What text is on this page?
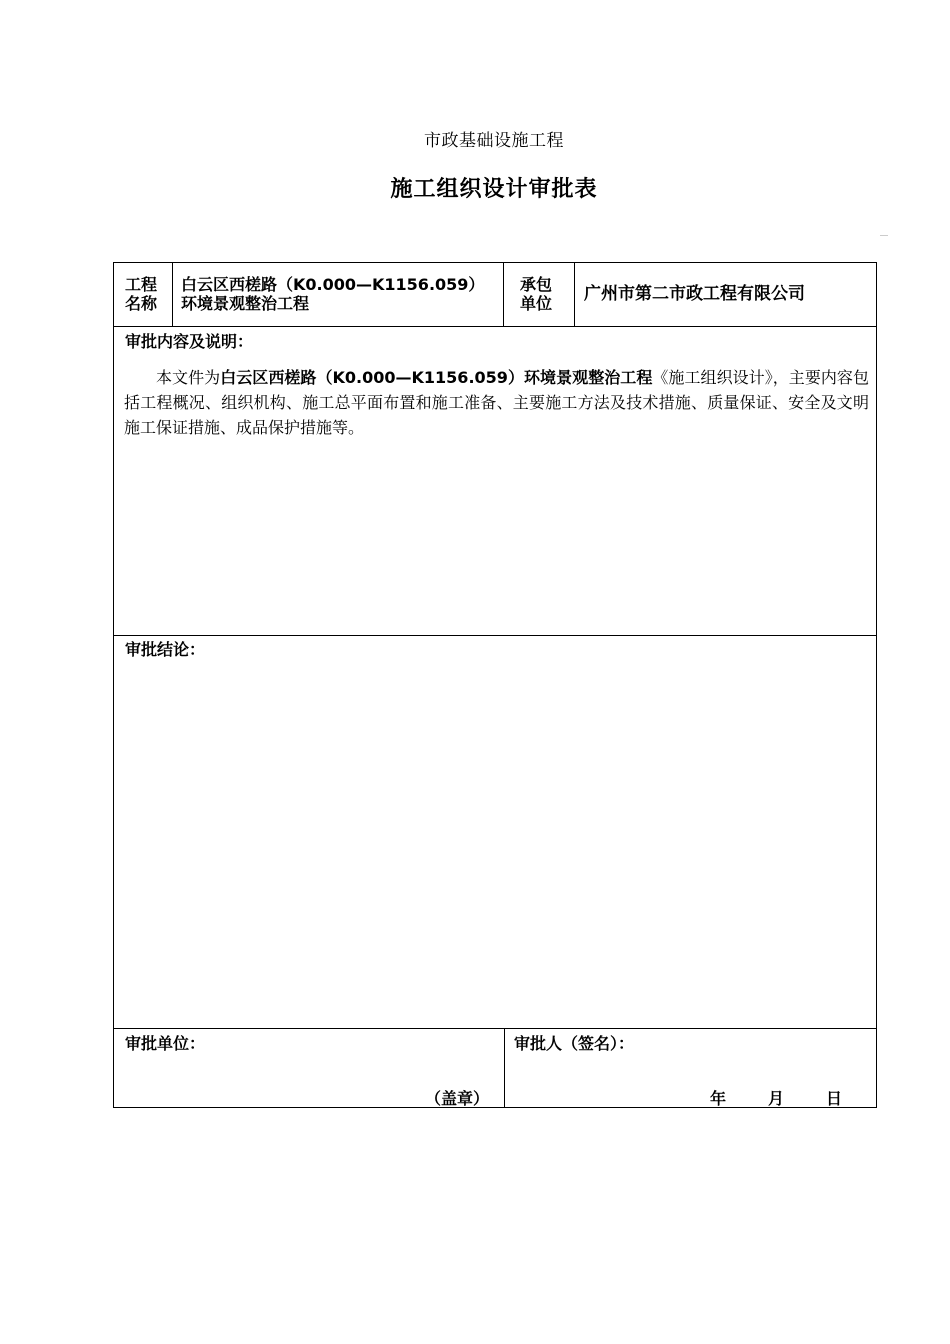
市政基础设施工程
施工组织设计审批表
工程
名称
白云区西槎路（K0.000—K1156.059）
环境景观整治工程
承包
单位 广州市第二市政工程有限公司
审批内容及说明：
本文件为白云区西槎路（K0.000—K1156.059）环境景观整治工程《施工组织设计》，主要内容包括工程概况、组织机构、施工总平面布置和施工准备、主要施工方法及技术措施、质量保证、安全及文明施工保证措施、成品保护措施等。
审批结论：
审批单位：
（盖章）
审批人（签名）：
年	月	日
